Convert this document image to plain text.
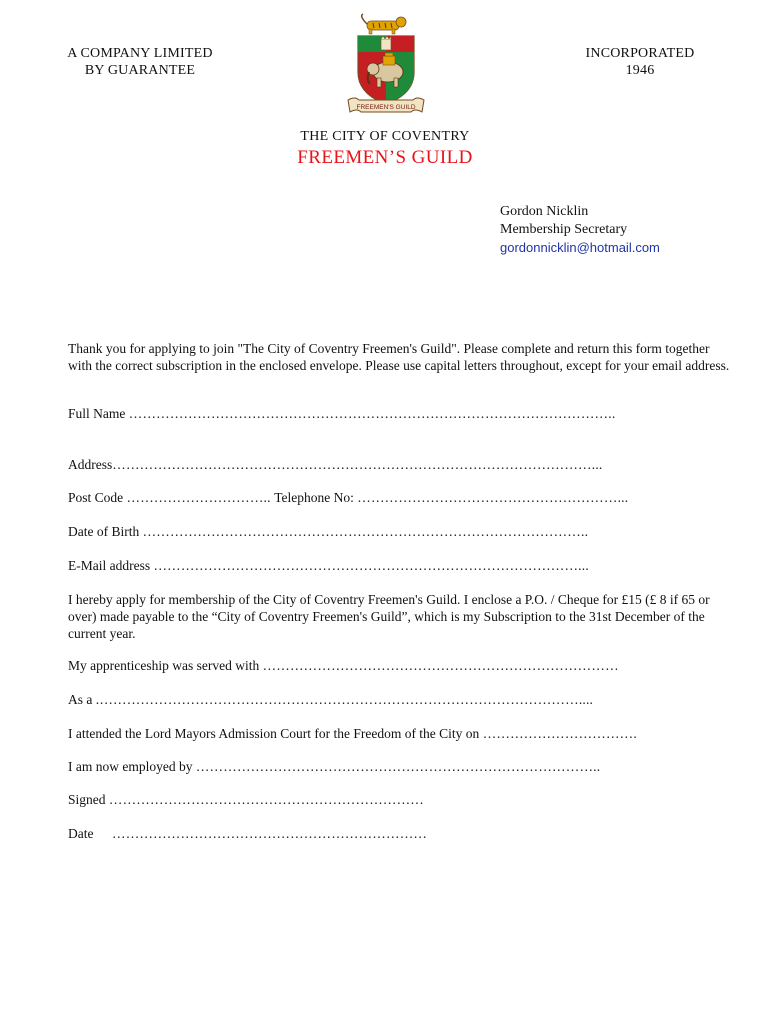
A COMPANY LIMITED
BY GUARANTEE
INCORPORATED
1946
FREEMEN'S GUILD
THE CITY OF COVENTRY
FREEMEN’S GUILD
Gordon Nicklin
Membership Secretary
gordonnicklin@hotmail.com
Thank you for applying to join "The City of Coventry Freemen's Guild". Please complete and return this form together with the correct subscription in the enclosed envelope. Please use capital letters throughout, except for your email address.
Full Name ……………………………………………………………………………………………..
Address……………………………………………………………………………………………...
Post Code ………………………….. Telephone No: …………………………………………………...
Date of Birth ……………………………………………………………………………………..
E-Mail address …………………………………………………………………………………...
I hereby apply for membership of the City of Coventry Freemen's Guild. I enclose a P.O. / Cheque for £15 (£ 8 if 65 or over) made payable to the “City of Coventry Freemen's Guild”, which is my Subscription to the 31st December of the current year.
My apprenticeship was served with ……………………………………………………………………
As a .……………………………………………………………………………………………....
I attended the Lord Mayors Admission Court for the Freedom of the City on …………………………….
I am now employed by ……………………………………………………………………………..
Signed ……………………………………………………………
Date ……………………………………………………………
